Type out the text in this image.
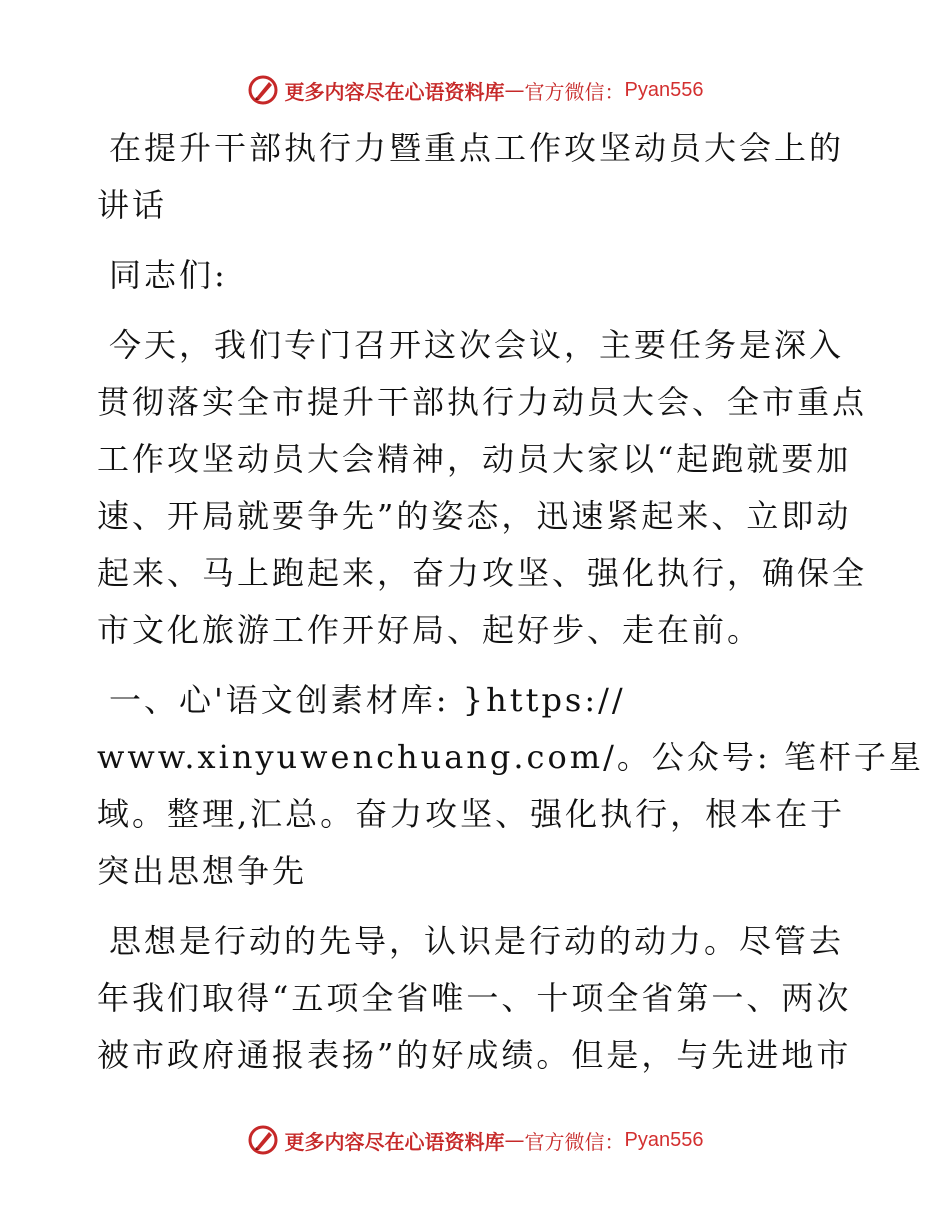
更多内容尽在心语资料库 — 官方微信： Pyan556
在提升干部执行力暨重点工作攻坚动员大会上的
讲话
同志们:
今天，我们专门召开这次会议，主要任务是深入
贯彻落实全市提升干部执行力动员大会、全市重点
工作攻坚动员大会精神，动员大家以“起跑就要加
速、开局就要争先”的姿态，迅速紧起来、立即动
起来、马上跑起来，奋力攻坚、强化执行，确保全
市文化旅游工作开好局、起好步、走在前。
一、心'语文创素材库: }https://
www.xinyuwenchuang.com/。公众号: 笔杆子星
域。整理,汇总。奋力攻坚、强化执行，根本在于
突出思想争先
思想是行动的先导，认识是行动的动力。尽管去
年我们取得“五项全省唯一、十项全省第一、两次
被市政府通报表扬”的好成绩。但是，与先进地市
更多内容尽在心语资料库 — 官方微信： Pyan556
